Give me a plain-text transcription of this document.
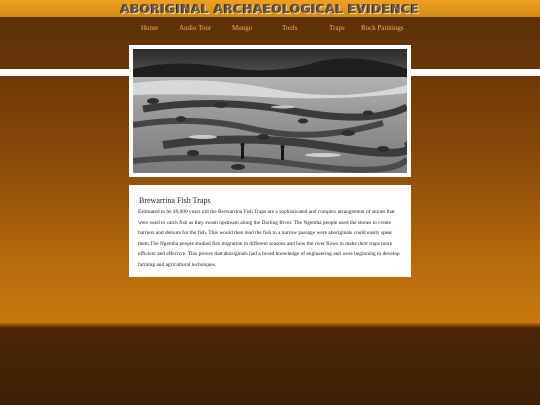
ABORIGINAL ARCHAEOLOGICAL EVIDENCE
Home	Audio Tour	Mungo	Tools	Traps Rock Paintings
Brewarrina Fish Traps
Estimated to be 40,000 years old the Brewarrina Fish Traps are a sophisticated and complex arrangement of stones that were used to catch fish as they swam upstream along the Darling River. The Ngemba people used the stones to create barriers and detours for the fish. This would then lead the fish to a narrow passage were aboriginals could easily spear them.The Ngemba people studied fish migration in different seasons and how the river flows to make their traps more efficient and effective. This proves that aboriginals had a broad knowledge of engineering and were beginning to develop farming and agricultural techniques.
